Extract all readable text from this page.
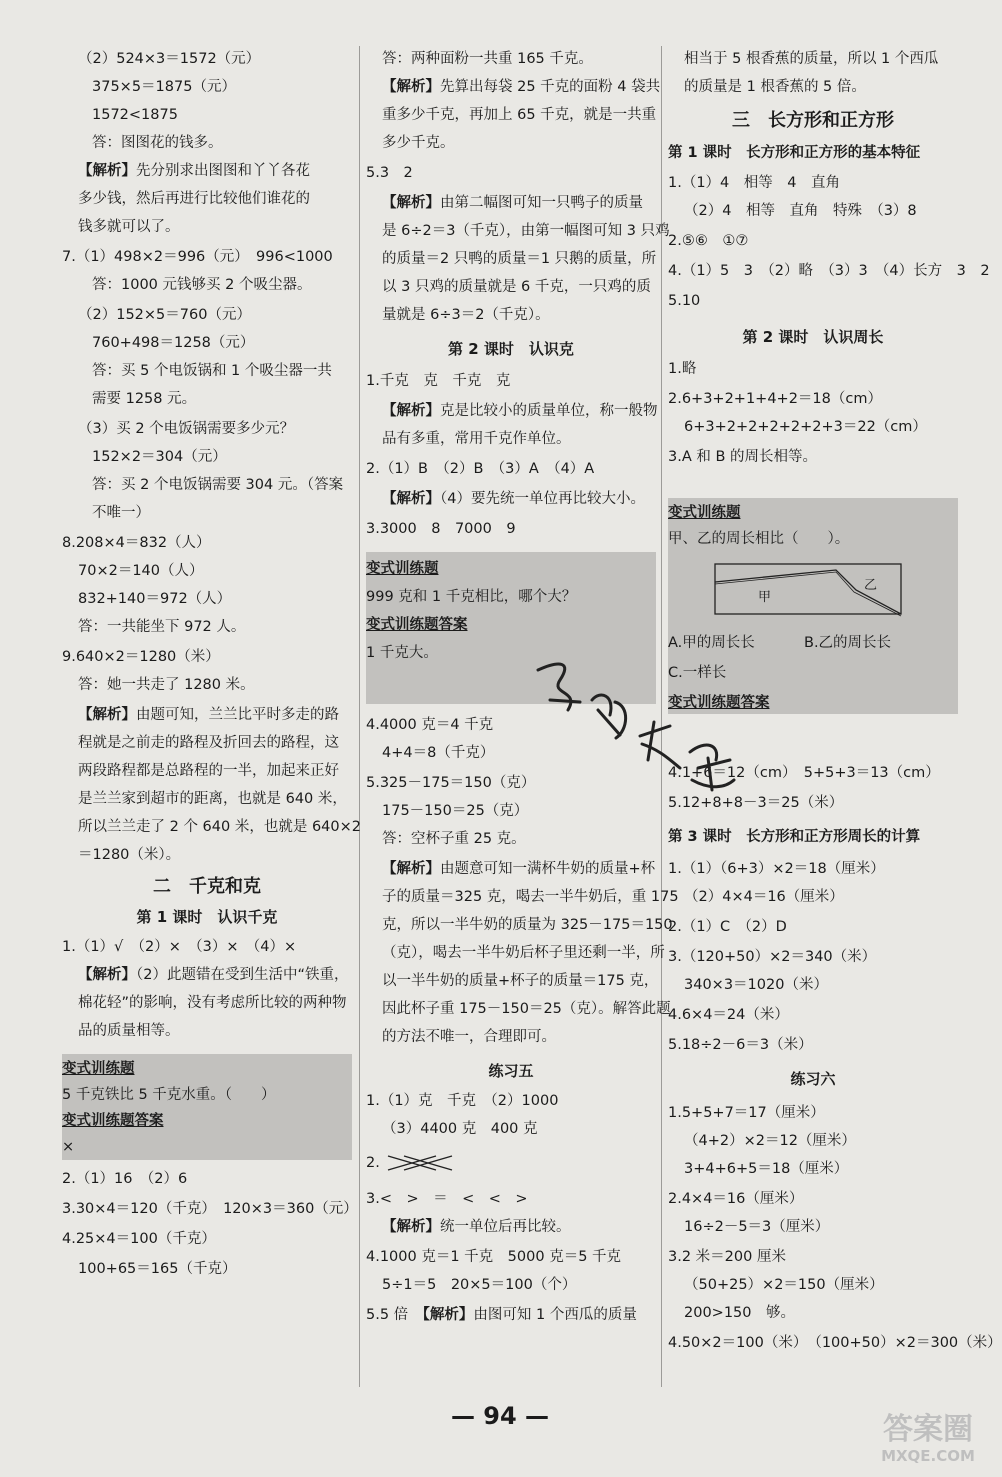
（2）524×3＝1572（元）
375×5＝1875（元）
1572<1875
答：图图花的钱多。
【解析】先分别求出图图和丫丫各花
多少钱，然后再进行比较他们谁花的
钱多就可以了。
7.（1）498×2＝996（元）　996<1000
答：1000 元钱够买 2 个吸尘器。
（2）152×5＝760（元）
760+498＝1258（元）
答：买 5 个电饭锅和 1 个吸尘器一共
需要 1258 元。
（3）买 2 个电饭锅需要多少元？
152×2＝304（元）
答：买 2 个电饭锅需要 304 元。（答案
不唯一）
8.208×4＝832（人）
70×2＝140（人）
832+140＝972（人）
答：一共能坐下 972 人。
9.640×2＝1280（米）
答：她一共走了 1280 米。
【解析】由题可知，兰兰比平时多走的路
程就是之前走的路程及折回去的路程，这
两段路程都是总路程的一半，加起来正好
是兰兰家到超市的距离，也就是 640 米，
所以兰兰走了 2 个 640 米，也就是 640×2
＝1280（米）。
二　千克和克
第 1 课时　认识千克
1.（1）√　（2）×　（3）×　（4）×
【解析】（2）此题错在受到生活中“铁重，
棉花轻”的影响，没有考虑所比较的两种物
品的质量相等。
变式训练题
5 千克铁比 5 千克水重。（　　）
变式训练题答案
×
2.（1）16　（2）6
3.30×4＝120（千克）　120×3＝360（元）
4.25×4＝100（千克）
100+65＝165（千克）
答：两种面粉一共重 165 千克。
【解析】先算出每袋 25 千克的面粉 4 袋共
重多少千克，再加上 65 千克，就是一共重
多少千克。
5.3　2
【解析】由第二幅图可知一只鸭子的质量
是 6÷2＝3（千克），由第一幅图可知 3 只鸡
的质量＝2 只鸭的质量＝1 只鹅的质量，所
以 3 只鸡的质量就是 6 千克，一只鸡的质
量就是 6÷3＝2（千克）。
第 2 课时　认识克
1.千克　克　千克　克
【解析】克是比较小的质量单位，称一般物
品有多重，常用千克作单位。
2.（1）B　（2）B　（3）A　（4）A
【解析】（4）要先统一单位再比较大小。
3.3000　8　7000　9
变式训练题
999 克和 1 千克相比，哪个大？
变式训练题答案
1 千克大。
4.4000 克＝4 千克
4+4＝8（千克）
5.325－175＝150（克）
175－150＝25（克）
答：空杯子重 25 克。
【解析】由题意可知一满杯牛奶的质量+杯
子的质量＝325 克，喝去一半牛奶后，重 175
克，所以一半牛奶的质量为 325－175＝150
（克），喝去一半牛奶后杯子里还剩一半，所
以一半牛奶的质量+杯子的质量＝175 克，
因此杯子重 175－150＝25（克）。解答此题
的方法不唯一，合理即可。
练习五
1.（1）克　千克　（2）1000
（3）4400 克　400 克
2.
3.<　>　＝　<　<　>
【解析】统一单位后再比较。
4.1000 克＝1 千克　5000 克＝5 千克
5÷1＝5　20×5＝100（个）
5.5 倍　 【解析】由图可知 1 个西瓜的质量
相当于 5 根香蕉的质量，所以 1 个西瓜
的质量是 1 根香蕉的 5 倍。
三　长方形和正方形
第 1 课时　长方形和正方形的基本特征
1.（1）4　相等　4　直角
（2）4　相等　直角　特殊　（3）8
2.⑤⑥　①⑦
4.（1）5　3　（2）略　（3）3　（4）长方　3　2
5.10
第 2 课时　认识周长
1.略
2.6+3+2+1+4+2＝18（cm）
6+3+2+2+2+2+2+3＝22（cm）
3.A 和 B 的周长相等。
变式训练题
甲、乙的周长相比（　　）。
甲
乙
A.甲的周长长	B.乙的周长长
C.一样长
变式训练题答案
4.1+6＝12（cm）　5+5+3＝13（cm）
5.12+8+8－3＝25（米）
第 3 课时　长方形和正方形周长的计算
1.（1）（6+3）×2＝18（厘米）
（2）4×4＝16（厘米）
2.（1）C　（2）D
3.（120+50）×2＝340（米）
340×3＝1020（米）
4.6×4＝24（米）
5.18÷2－6＝3（米）
练习六
1.5+5+7＝17（厘米）
（4+2）×2＝12（厘米）
3+4+6+5＝18（厘米）
2.4×4＝16（厘米）
16÷2－5＝3（厘米）
3.2 米＝200 厘米
（50+25）×2＝150（厘米）
200>150　够。
4.50×2＝100（米）　（100+50）×2＝300（米）
— 94 —	答案圈
MXQE.COM
